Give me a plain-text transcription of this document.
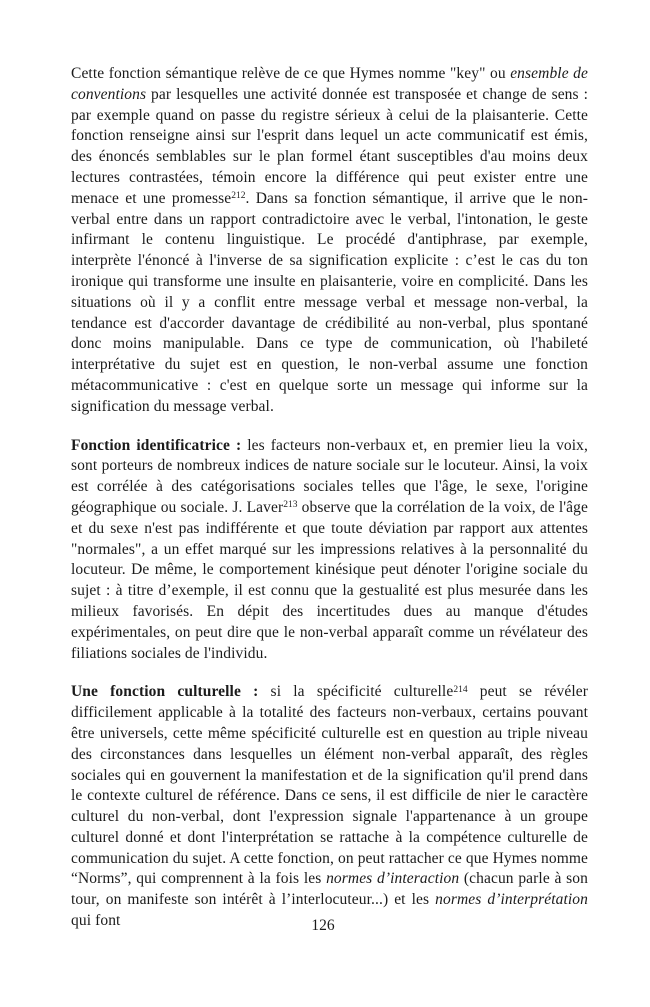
Cette fonction sémantique relève de ce que Hymes nomme "key" ou ensemble de conventions par lesquelles une activité donnée est transposée et change de sens : par exemple quand on passe du registre sérieux à celui de la plaisanterie. Cette fonction renseigne ainsi sur l'esprit dans lequel un acte communicatif est émis, des énoncés semblables sur le plan formel étant susceptibles d'au moins deux lectures contrastées, témoin encore la différence qui peut exister entre une menace et une promesse$^{212}$. Dans sa fonction sémantique, il arrive que le non-verbal entre dans un rapport contradictoire avec le verbal, l'intonation, le geste infirmant le contenu linguistique. Le procédé d'antiphrase, par exemple, interprète l'énoncé à l'inverse de sa signification explicite : c’est le cas du ton ironique qui transforme une insulte en plaisanterie, voire en complicité. Dans les situations où il y a conflit entre message verbal et message non-verbal, la tendance est d'accorder davantage de crédibilité au non-verbal, plus spontané donc moins manipulable. Dans ce type de communication, où l'habileté interprétative du sujet est en question, le non-verbal assume une fonction métacommunicative : c'est en quelque sorte un message qui informe sur la signification du message verbal.

Fonction identificatrice : les facteurs non-verbaux et, en premier lieu la voix, sont porteurs de nombreux indices de nature sociale sur le locuteur. Ainsi, la voix est corrélée à des catégorisations sociales telles que l'âge, le sexe, l'origine géographique ou sociale. J. Laver$^{213}$ observe que la corrélation de la voix, de l'âge et du sexe n'est pas indifférente et que toute déviation par rapport aux attentes "normales", a un effet marqué sur les impressions relatives à la personnalité du locuteur. De même, le comportement kinésique peut dénoter l'origine sociale du sujet : à titre d’exemple, il est connu que la gestualité est plus mesurée dans les milieux favorisés. En dépit des incertitudes dues au manque d'études expérimentales, on peut dire que le non-verbal apparaît comme un révélateur des filiations sociales de l'individu.

Une fonction culturelle : si la spécificité culturelle$^{214}$ peut se révéler difficilement applicable à la totalité des facteurs non-verbaux, certains pouvant être universels, cette même spécificité culturelle est en question au triple niveau des circonstances dans lesquelles un élément non-verbal apparaît, des règles sociales qui en gouvernent la manifestation et de la signification qu'il prend dans le contexte culturel de référence. Dans ce sens, il est difficile de nier le caractère culturel du non-verbal, dont l'expression signale l'appartenance à un groupe culturel donné et dont l'interprétation se rattache à la compétence culturelle de communication du sujet. A cette fonction, on peut rattacher ce que Hymes nomme “Norms”, qui comprennent à la fois les normes d’interaction (chacun parle à son tour, on manifeste son intérêt à l’interlocuteur...) et les normes d’interprétation qui font	126
